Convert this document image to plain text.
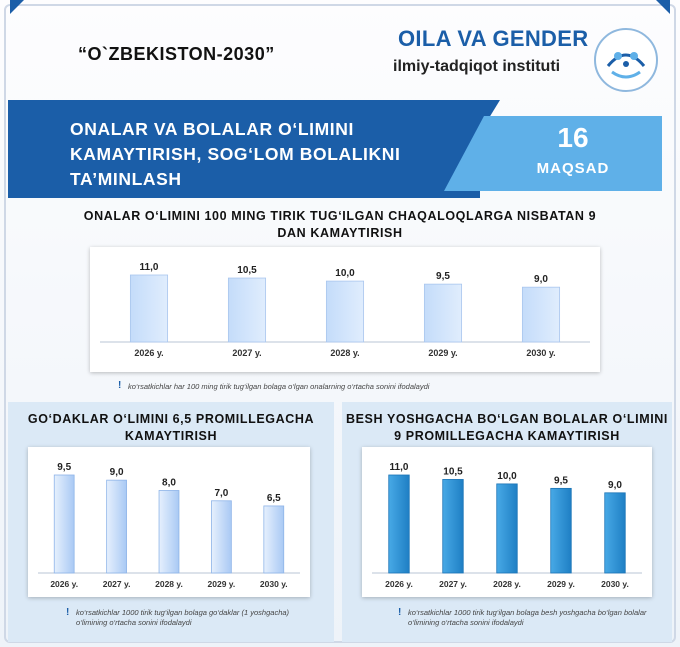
“O`ZBEKISTON-2030”
OILA VA GENDER
ilmiy-tadqiqot instituti
ONALAR VA BOLALAR O‘LIMINI KAMAYTIRISH, SOG‘LOM BOLALIKNI TA’MINLASH
16
MAQSAD
ONALAR O‘LIMINI 100 MING TIRIK TUG‘ILGAN CHAQALOQLARGA NISBATAN 9 DAN KAMAYTIRISH
11,0
2026 y.
10,5
2027 y.
10,0
2028 y.
9,5
2029 y.
9,0
2030 y.
! ko‘rsatkichlar har 100 ming tirik tug‘ilgan bolaga o‘lgan onalarning o‘rtacha sonini ifodalaydi
GO‘DAKLAR O‘LIMINI 6,5 PROMILLEGACHA KAMAYTIRISH
9,5
2026 y.
9,0
2027 y.
8,0
2028 y.
7,0
2029 y.
6,5
2030 y.
! ko‘rsatkichlar 1000 tirik tug‘ilgan bolaga go‘daklar (1 yoshgacha) o‘limining o‘rtacha sonini ifodalaydi
BESH YOSHGACHA BO‘LGAN BOLALAR O‘LIMINI 9 PROMILLEGACHA KAMAYTIRISH
11,0
2026 y.
10,5
2027 y.
10,0
2028 y.
9,5
2029 y.
9,0
2030 y.
! ko‘rsatkichlar 1000 tirik tug‘ilgan bolaga besh yoshgacha bo‘lgan bolalar o‘limining o‘rtacha sonini ifodalaydi
